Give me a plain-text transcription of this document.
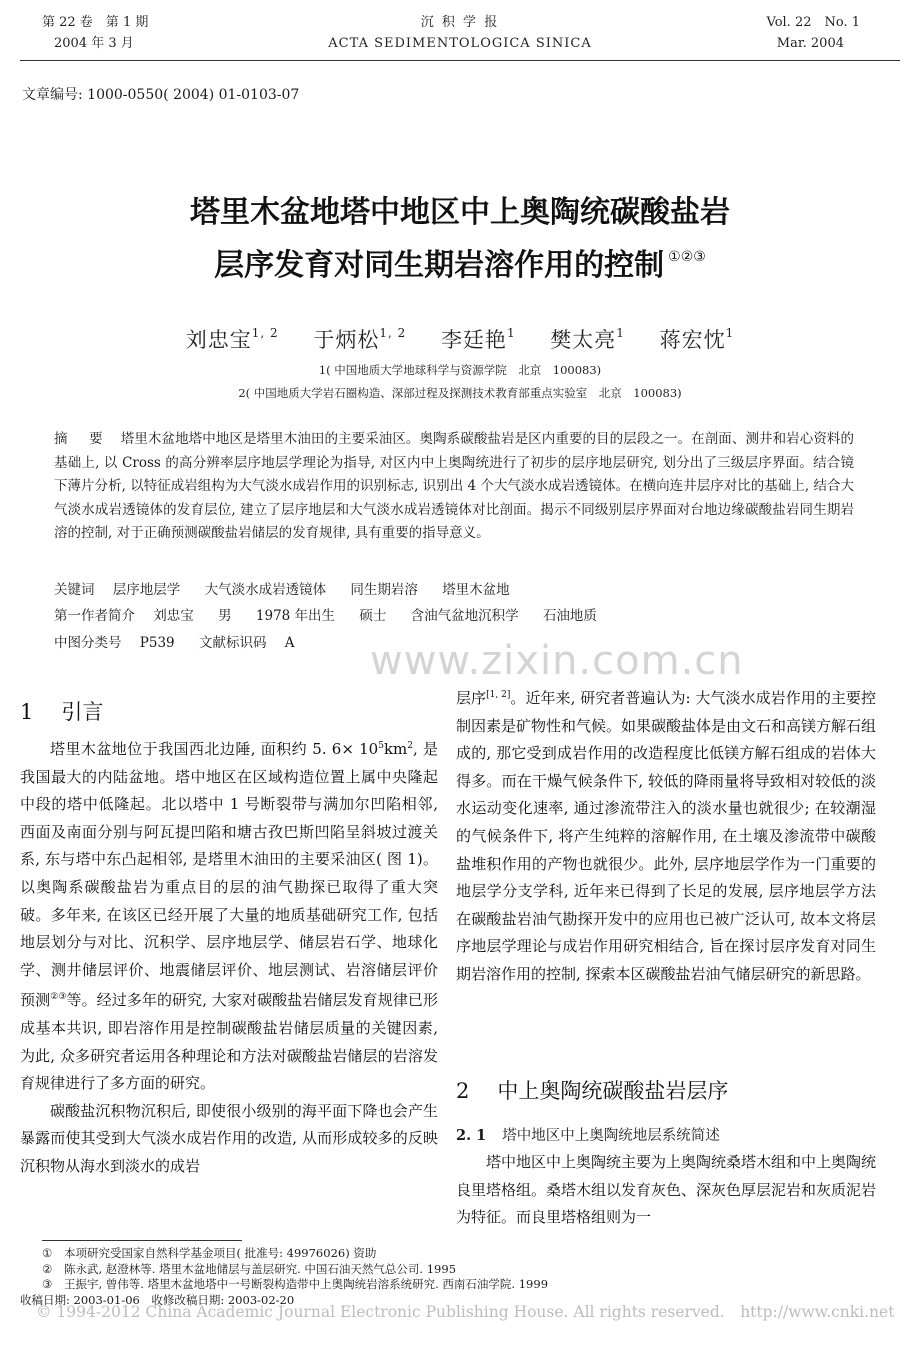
第 22 卷　第 1 期
2004 年 3 月
沉 积 学 报
ACTA SEDIMENTOLOGICA SINICA
Vol. 22　No. 1
Mar. 2004
文章编号: 1000-0550( 2004) 01-0103-07
塔里木盆地塔中地区中上奥陶统碳酸盐岩
层序发育对同生期岩溶作用的控制 ①②③
刘忠宝$^{1, 2}$ 于炳松$^{1, 2}$ 李廷艳$^1$ 樊太亮$^1$ 蒋宏忱$^1$
1( 中国地质大学地球科学与资源学院　北京　100083)
2( 中国地质大学岩石圈构造、深部过程及探测技术教育部重点实验室　北京　100083)
摘　要 塔里木盆地塔中地区是塔里木油田的主要采油区。奥陶系碳酸盐岩是区内重要的目的层段之一。在剖面、测井和岩心资料的基础上, 以 Cross 的高分辨率层序地层学理论为指导, 对区内中上奥陶统进行了初步的层序地层研究, 划分出了三级层序界面。结合镜下薄片分析, 以特征成岩组构为大气淡水成岩作用的识别标志, 识别出 4 个大气淡水成岩透镜体。在横向连井层序对比的基础上, 结合大气淡水成岩透镜体的发育层位, 建立了层序地层和大气淡水成岩透镜体对比剖面。揭示不同级别层序界面对台地边缘碳酸盐岩同生期岩溶的控制, 对于正确预测碳酸盐岩储层的发育规律, 具有重要的指导意义。
关键词 层序地层学 大气淡水成岩透镜体 同生期岩溶 塔里木盆地
第一作者简介 刘忠宝 男 1978 年出生 硕士 含油气盆地沉积学 石油地质
中图分类号 P539 文献标识码 A	www.zixin.com.cn
1 引言

塔里木盆地位于我国西北边陲, 面积约 5. $6\times 10^5km^2$, 是我国最大的内陆盆地。塔中地区在区域构造位置上属中央隆起中段的塔中低隆起。北以塔中 1 号断裂带与满加尔凹陷相邻, 西面及南面分别与阿瓦提凹陷和塘古孜巴斯凹陷呈斜坡过渡关系, 东与塔中东凸起相邻, 是塔里木油田的主要采油区( 图 1)。以奥陶系碳酸盐岩为重点目的层的油气勘探已取得了重大突破。多年来, 在该区已经开展了大量的地质基础研究工作, 包括地层划分与对比、沉积学、层序地层学、储层岩石学、地球化学、测井储层评价、地震储层评价、地层测试、岩溶储层评价预测②③等。经过多年的研究, 大家对碳酸盐岩储层发育规律已形成基本共识, 即岩溶作用是控制碳酸盐岩储层质量的关键因素, 为此, 众多研究者运用各种理论和方法对碳酸盐岩储层的岩溶发育规律进行了多方面的研究。

碳酸盐沉积物沉积后, 即使很小级别的海平面下降也会产生暴露而使其受到大气淡水成岩作用的改造, 从而形成较多的反映沉积物从海水到淡水的成岩

层序[1, 2]。近年来, 研究者普遍认为: 大气淡水成岩作用的主要控制因素是矿物性和气候。如果碳酸盐体是由文石和高镁方解石组成的, 那它受到成岩作用的改造程度比低镁方解石组成的岩体大得多。而在干燥气候条件下, 较低的降雨量将导致相对较低的淡水运动变化速率, 通过渗流带注入的淡水量也就很少; 在较潮湿的气候条件下, 将产生纯粹的溶解作用, 在土壤及渗流带中碳酸盐堆积作用的产物也就很少。此外, 层序地层学作为一门重要的地层学分支学科, 近年来已得到了长足的发展, 层序地层学方法在碳酸盐岩油气勘探开发中的应用也已被广泛认可, 故本文将层序地层学理论与成岩作用研究相结合, 旨在探讨层序发育对同生期岩溶作用的控制, 探索本区碳酸盐岩油气储层研究的新思路。

2 中上奥陶统碳酸盐岩层序
2. 1 塔中地区中上奥陶统地层系统简述

塔中地区中上奥陶统主要为上奥陶统桑塔木组和中上奥陶统良里塔格组。桑塔木组以发育灰色、深灰色厚层泥岩和灰质泥岩为特征。而良里塔格组则为一

① 本项研究受国家自然科学基金项目( 批准号: 49976026) 资助
② 陈永武, 赵澄林等. 塔里木盆地储层与盖层研究. 中国石油天然气总公司. 1995
③ 王振宇, 曾伟等. 塔里木盆地塔中一号断裂构造带中上奥陶统岩溶系统研究. 西南石油学院. 1999
收稿日期: 2003-01-06　收修改稿日期: 2003-02-20
© 1994-2012 China Academic Journal Electronic Publishing House. All rights reserved.　http://www.cnki.net
